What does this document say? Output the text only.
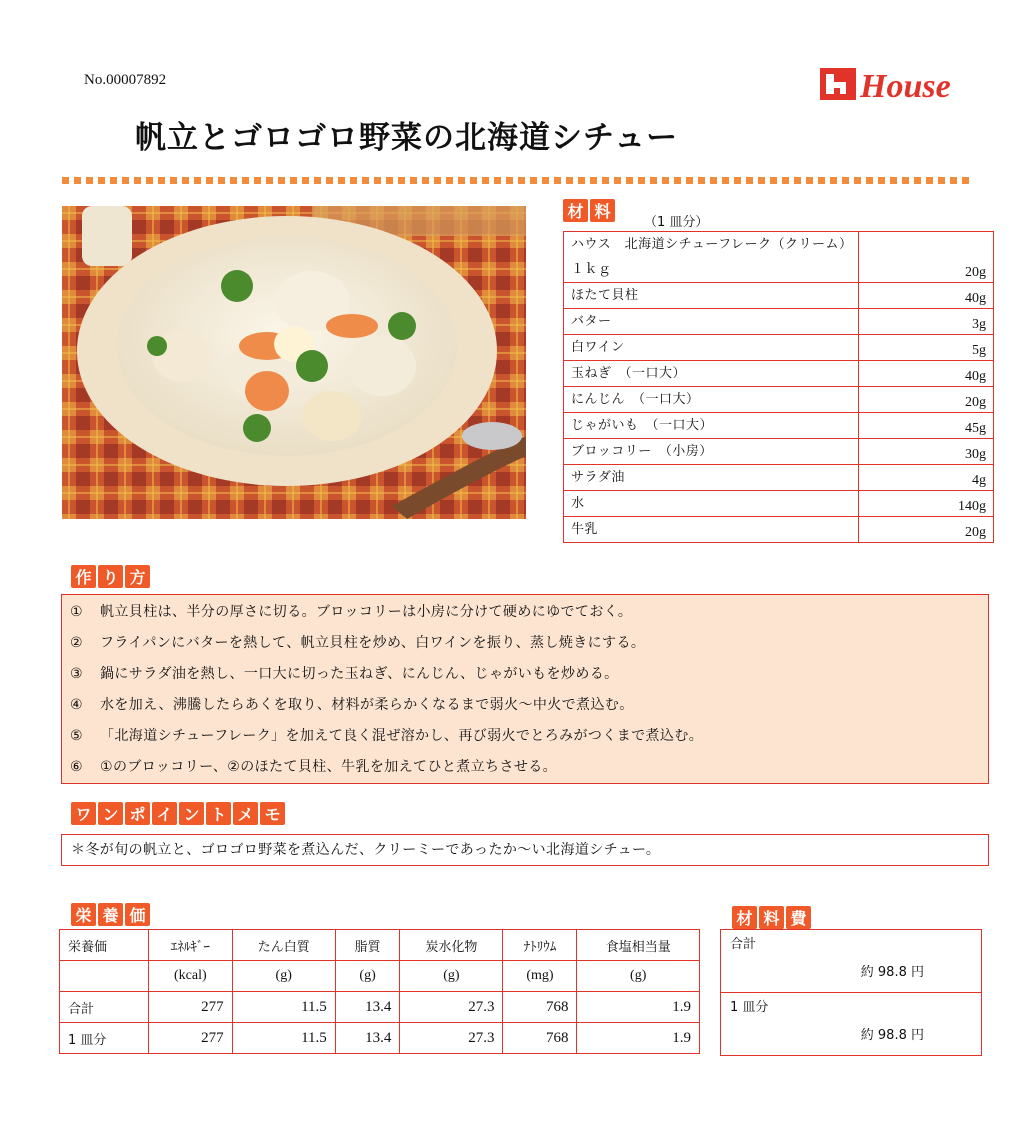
No.00007892	House
帆立とゴロゴロ野菜の北海道シチュー
材 料
（1 皿分）
ハウス　北海道シチューフレーク（クリーム）　１ｋｇ	20g
ほたて貝柱	40g
バター	3g
白ワイン	5g
玉ねぎ　（一口大）	40g
にんじん　（一口大）	20g
じゃがいも　（一口大）	45g
ブロッコリー　（小房）	30g
サラダ油	4g
水	140g
牛乳	20g
作 り 方
① 帆立貝柱は、半分の厚さに切る。ブロッコリーは小房に分けて硬めにゆでておく。
② フライパンにバターを熱して、帆立貝柱を炒め、白ワインを振り、蒸し焼きにする。
③ 鍋にサラダ油を熱し、一口大に切った玉ねぎ、にんじん、じゃがいもを炒める。
④ 水を加え、沸騰したらあくを取り、材料が柔らかくなるまで弱火～中火で煮込む。
⑤ 「北海道シチューフレーク」を加えて良く混ぜ溶かし、再び弱火でとろみがつくまで煮込む。
⑥ ①のブロッコリー、②のほたて貝柱、牛乳を加えてひと煮立ちさせる。
ワ ン ポ イ ン ト メ モ
＊冬が旬の帆立と、ゴロゴロ野菜を煮込んだ、クリーミーであったか～い北海道シチュー。
栄 養 価
栄養価	ｴﾈﾙｷﾞｰ	たん白質	脂質	炭水化物	ﾅﾄﾘｳﾑ	食塩相当量
	(kcal)	(g)	(g)	(g)	(mg)	(g)
合計	277	11.5	13.4	27.3	768	1.9
1 皿分	277	11.5	13.4	27.3	768	1.9
材 料 費
合計
約 98.8 円

1 皿分
約 98.8 円
